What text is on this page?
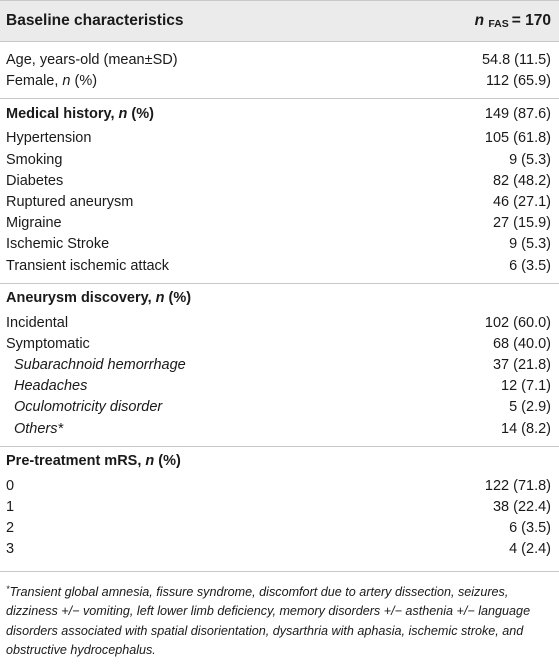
Baseline characteristics	n $_{FAS}$ = 170
Age, years-old (mean±SD)	54.8 (11.5)
Female, n (%)	112 (65.9)
Medical history, n (%)	149 (87.6)
Hypertension	105 (61.8)
Smoking	9 (5.3)
Diabetes	82 (48.2)
Ruptured aneurysm	46 (27.1)
Migraine	27 (15.9)
Ischemic Stroke	9 (5.3)
Transient ischemic attack	6 (3.5)
Aneurysm discovery, n (%)
Incidental	102 (60.0)
Symptomatic	68 (40.0)
Subarachnoid hemorrhage	37 (21.8)
Headaches	12 (7.1)
Oculomotricity disorder	5 (2.9)
Others*	14 (8.2)
Pre-treatment mRS, n (%)
0	122 (71.8)
1	38 (22.4)
2	6 (3.5)
3	4 (2.4)
*Transient global amnesia, fissure syndrome, discomfort due to artery dissection, seizures, dizziness +/− vomiting, left lower limb deficiency, memory disorders +/− asthenia +/− language disorders associated with spatial disorientation, dysarthria with aphasia, ischemic stroke, and obstructive hydrocephalus.
